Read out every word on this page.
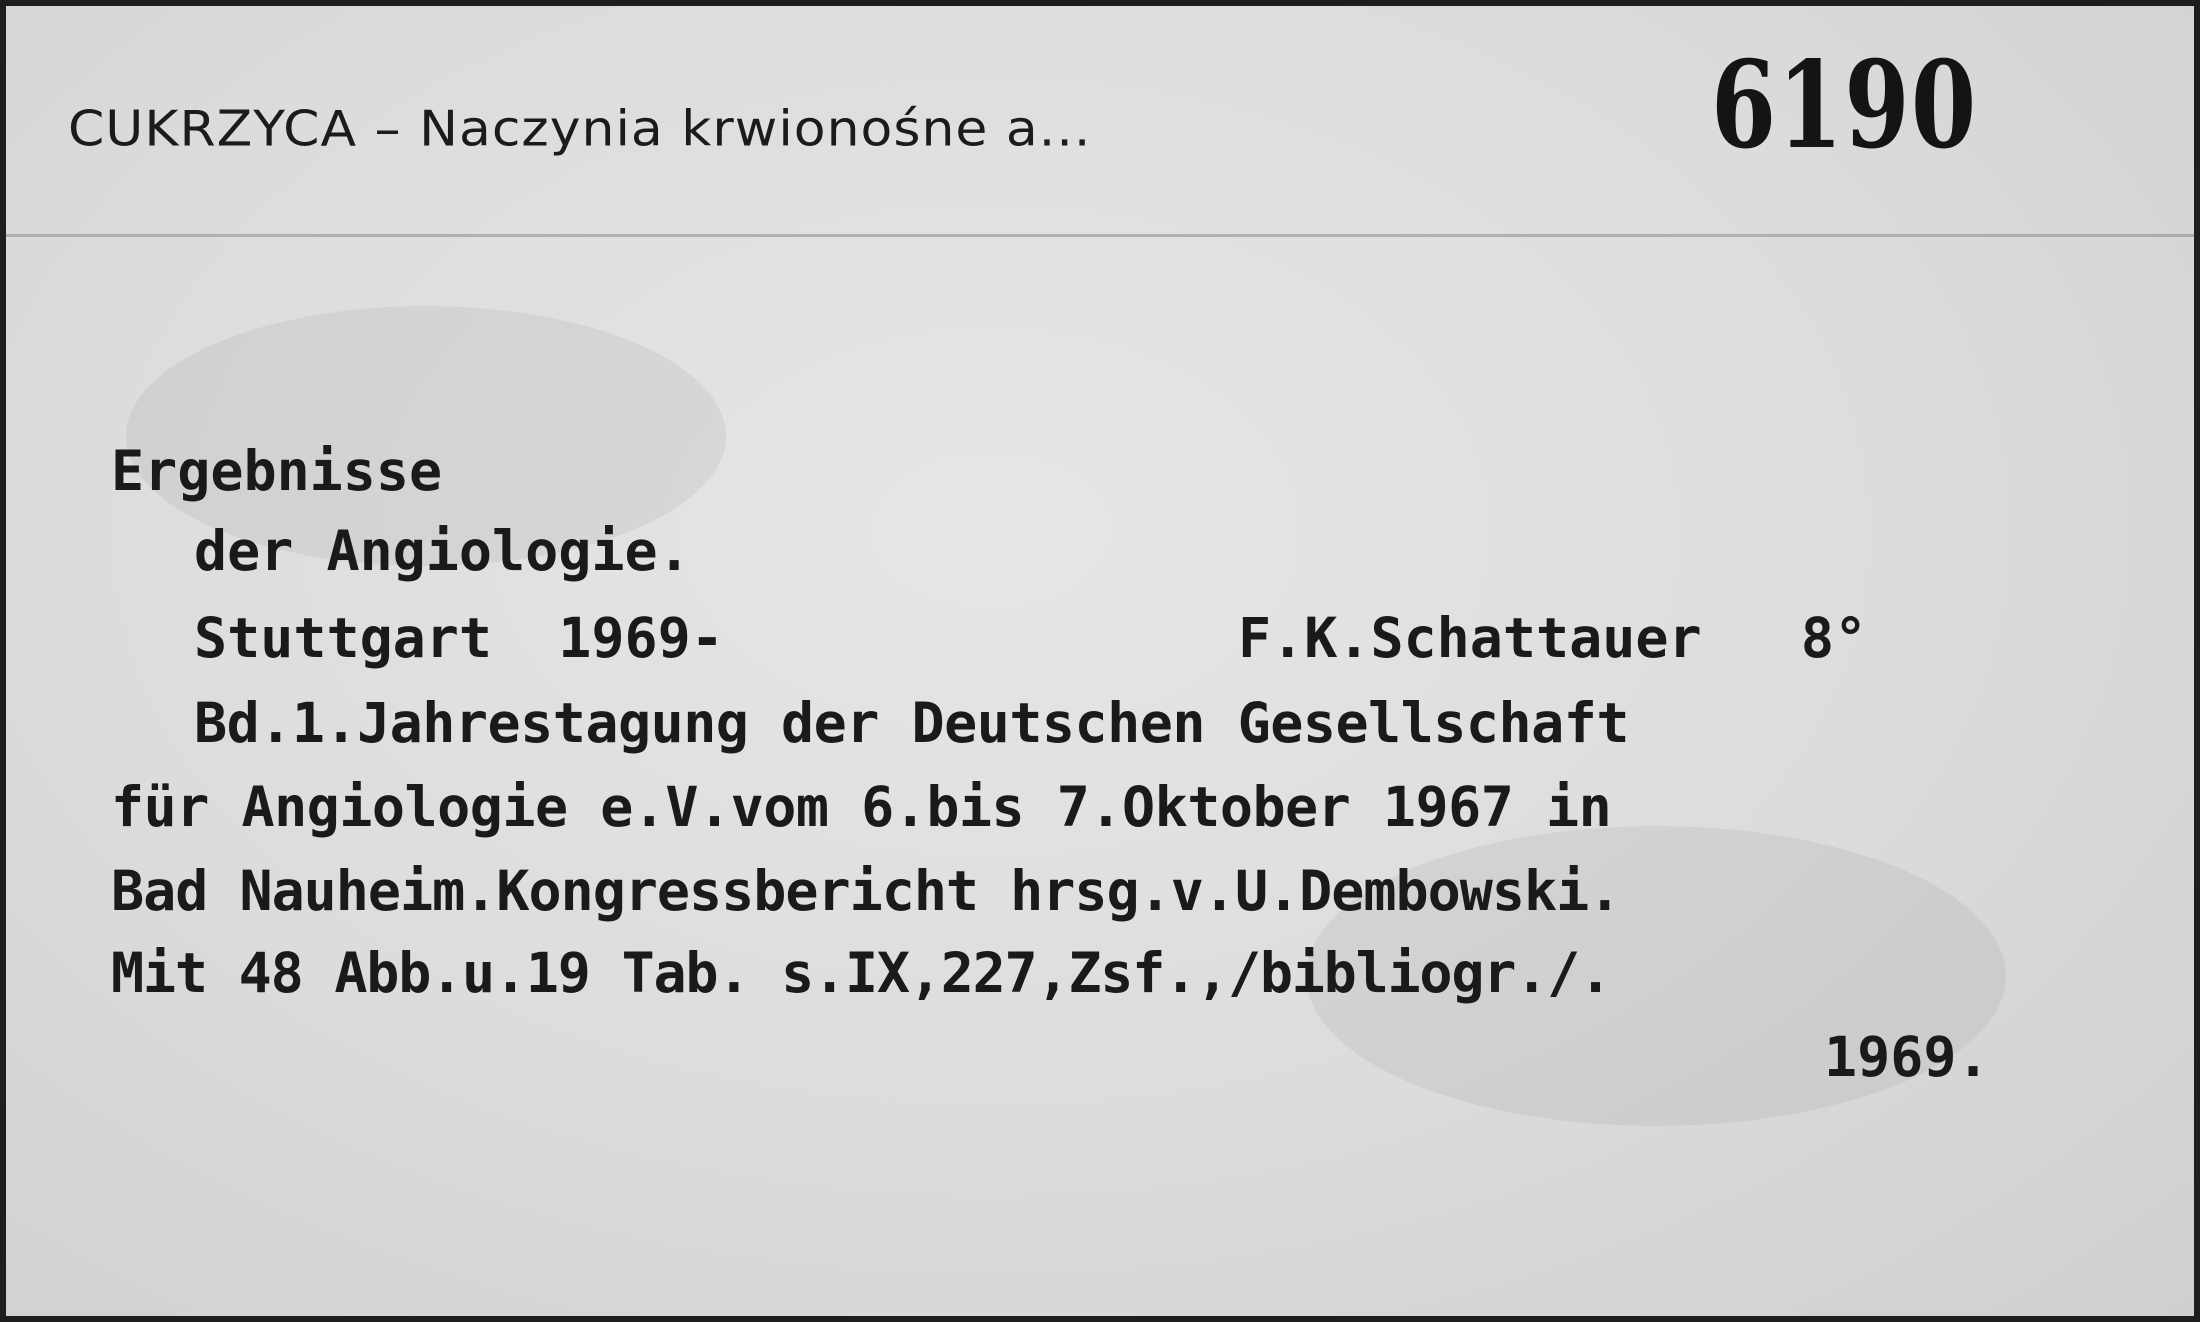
CUKRZYCA – Naczynia krwionośne a...	6190
Ergebnisse
der Angiologie.
Stuttgart  1969-	F.K.Schattauer   8°
Bd.1.Jahrestagung der Deutschen Gesellschaft
für Angiologie e.V.vom 6.bis 7.Oktober 1967 in
Bad Nauheim.Kongressbericht hrsg.v.U.Dembowski.
Mit 48 Abb.u.19 Tab. s.IX,227,Zsf.,/bibliogr./.
1969.
